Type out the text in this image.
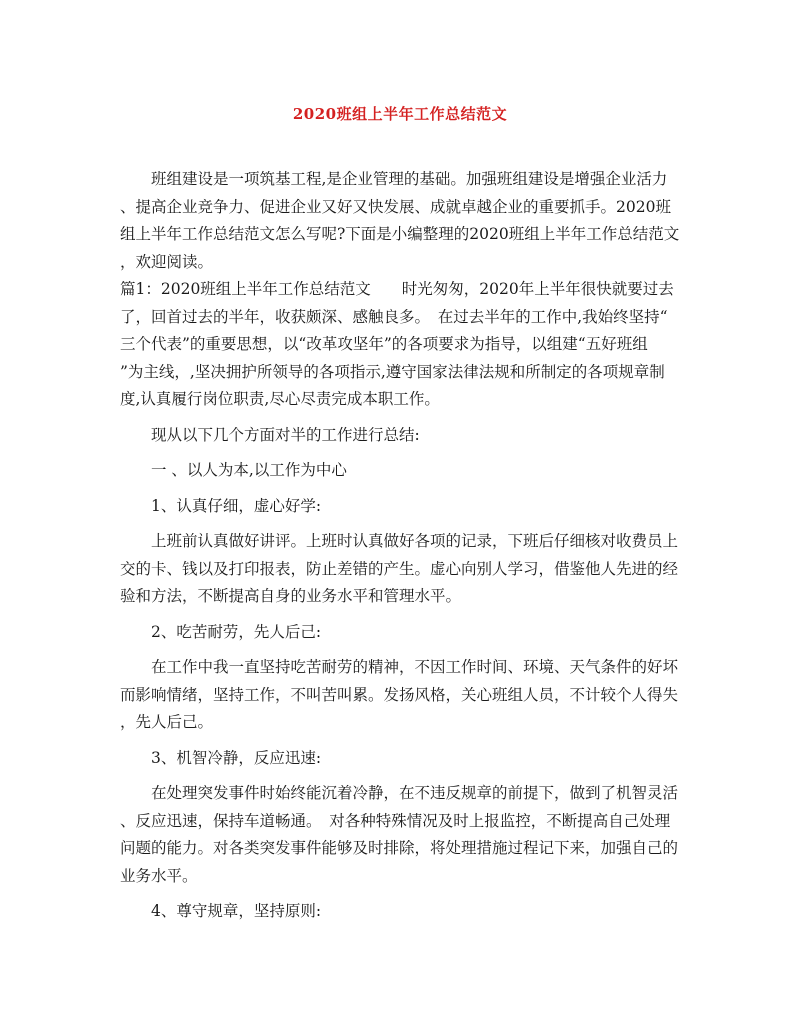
2020班组上半年工作总结范文
班组建设是一项筑基工程,是企业管理的基础。加强班组建设是增强企业活力
、提高企业竞争力、促进企业又好又快发展、成就卓越企业的重要抓手。2020班
组上半年工作总结范文怎么写呢?下面是小编整理的2020班组上半年工作总结范文
，欢迎阅读。
篇1：2020班组上半年工作总结范文　　时光匆匆，2020年上半年很快就要过去
了，回首过去的半年，收获颇深、感触良多。　在过去半年的工作中,我始终坚持“
三个代表”的重要思想，以“改革攻坚年”的各项要求为指导，以组建“五好班组
”为主线，,坚决拥护所领导的各项指示,遵守国家法律法规和所制定的各项规章制
度,认真履行岗位职责,尽心尽责完成本职工作。
现从以下几个方面对半的工作进行总结:
一 、以人为本,以工作为中心
1、认真仔细，虚心好学:
上班前认真做好讲评。上班时认真做好各项的记录，下班后仔细核对收费员上
交的卡、钱以及打印报表，防止差错的产生。虚心向别人学习，借鉴他人先进的经
验和方法，不断提高自身的业务水平和管理水平。
2、吃苦耐劳，先人后己:
在工作中我一直坚持吃苦耐劳的精神，不因工作时间、环境、天气条件的好坏
而影响情绪，坚持工作，不叫苦叫累。发扬风格，关心班组人员，不计较个人得失
，先人后己。
3、机智冷静，反应迅速:
在处理突发事件时始终能沉着冷静，在不违反规章的前提下，做到了机智灵活
、反应迅速，保持车道畅通。　对各种特殊情况及时上报监控，不断提高自己处理
问题的能力。对各类突发事件能够及时排除，将处理措施过程记下来，加强自己的
业务水平。
4、尊守规章，坚持原则:
